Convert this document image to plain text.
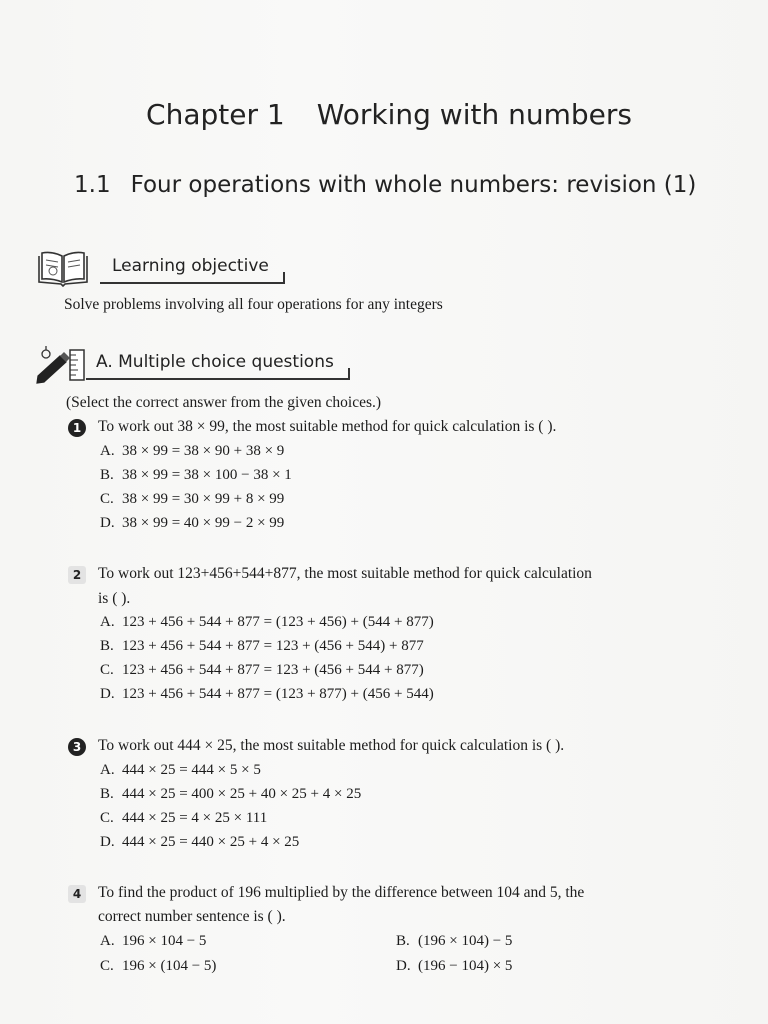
Chapter 1 Working with numbers
1.1 Four operations with whole numbers: revision (1)
Learning objective
Solve problems involving all four operations for any integers
A. Multiple choice questions
(Select the correct answer from the given choices.)
1	To work out 38 × 99, the most suitable method for quick calculation is ( ).
A. 38 × 99 = 38 × 90 + 38 × 9
B. 38 × 99 = 38 × 100 − 38 × 1
C. 38 × 99 = 30 × 99 + 8 × 99
D. 38 × 99 = 40 × 99 − 2 × 99
2	To work out 123+456+544+877, the most suitable method for quick calculation
is ( ).
A. 123 + 456 + 544 + 877 = (123 + 456) + (544 + 877)
B. 123 + 456 + 544 + 877 = 123 + (456 + 544) + 877
C. 123 + 456 + 544 + 877 = 123 + (456 + 544 + 877)
D. 123 + 456 + 544 + 877 = (123 + 877) + (456 + 544)
3	To work out 444 × 25, the most suitable method for quick calculation is ( ).
A. 444 × 25 = 444 × 5 × 5
B. 444 × 25 = 400 × 25 + 40 × 25 + 4 × 25
C. 444 × 25 = 4 × 25 × 111
D. 444 × 25 = 440 × 25 + 4 × 25
4	To find the product of 196 multiplied by the difference between 104 and 5, the
correct number sentence is ( ).
A. 196 × 104 − 5	B. (196 × 104) − 5
C. 196 × (104 − 5)	D. (196 − 104) × 5
